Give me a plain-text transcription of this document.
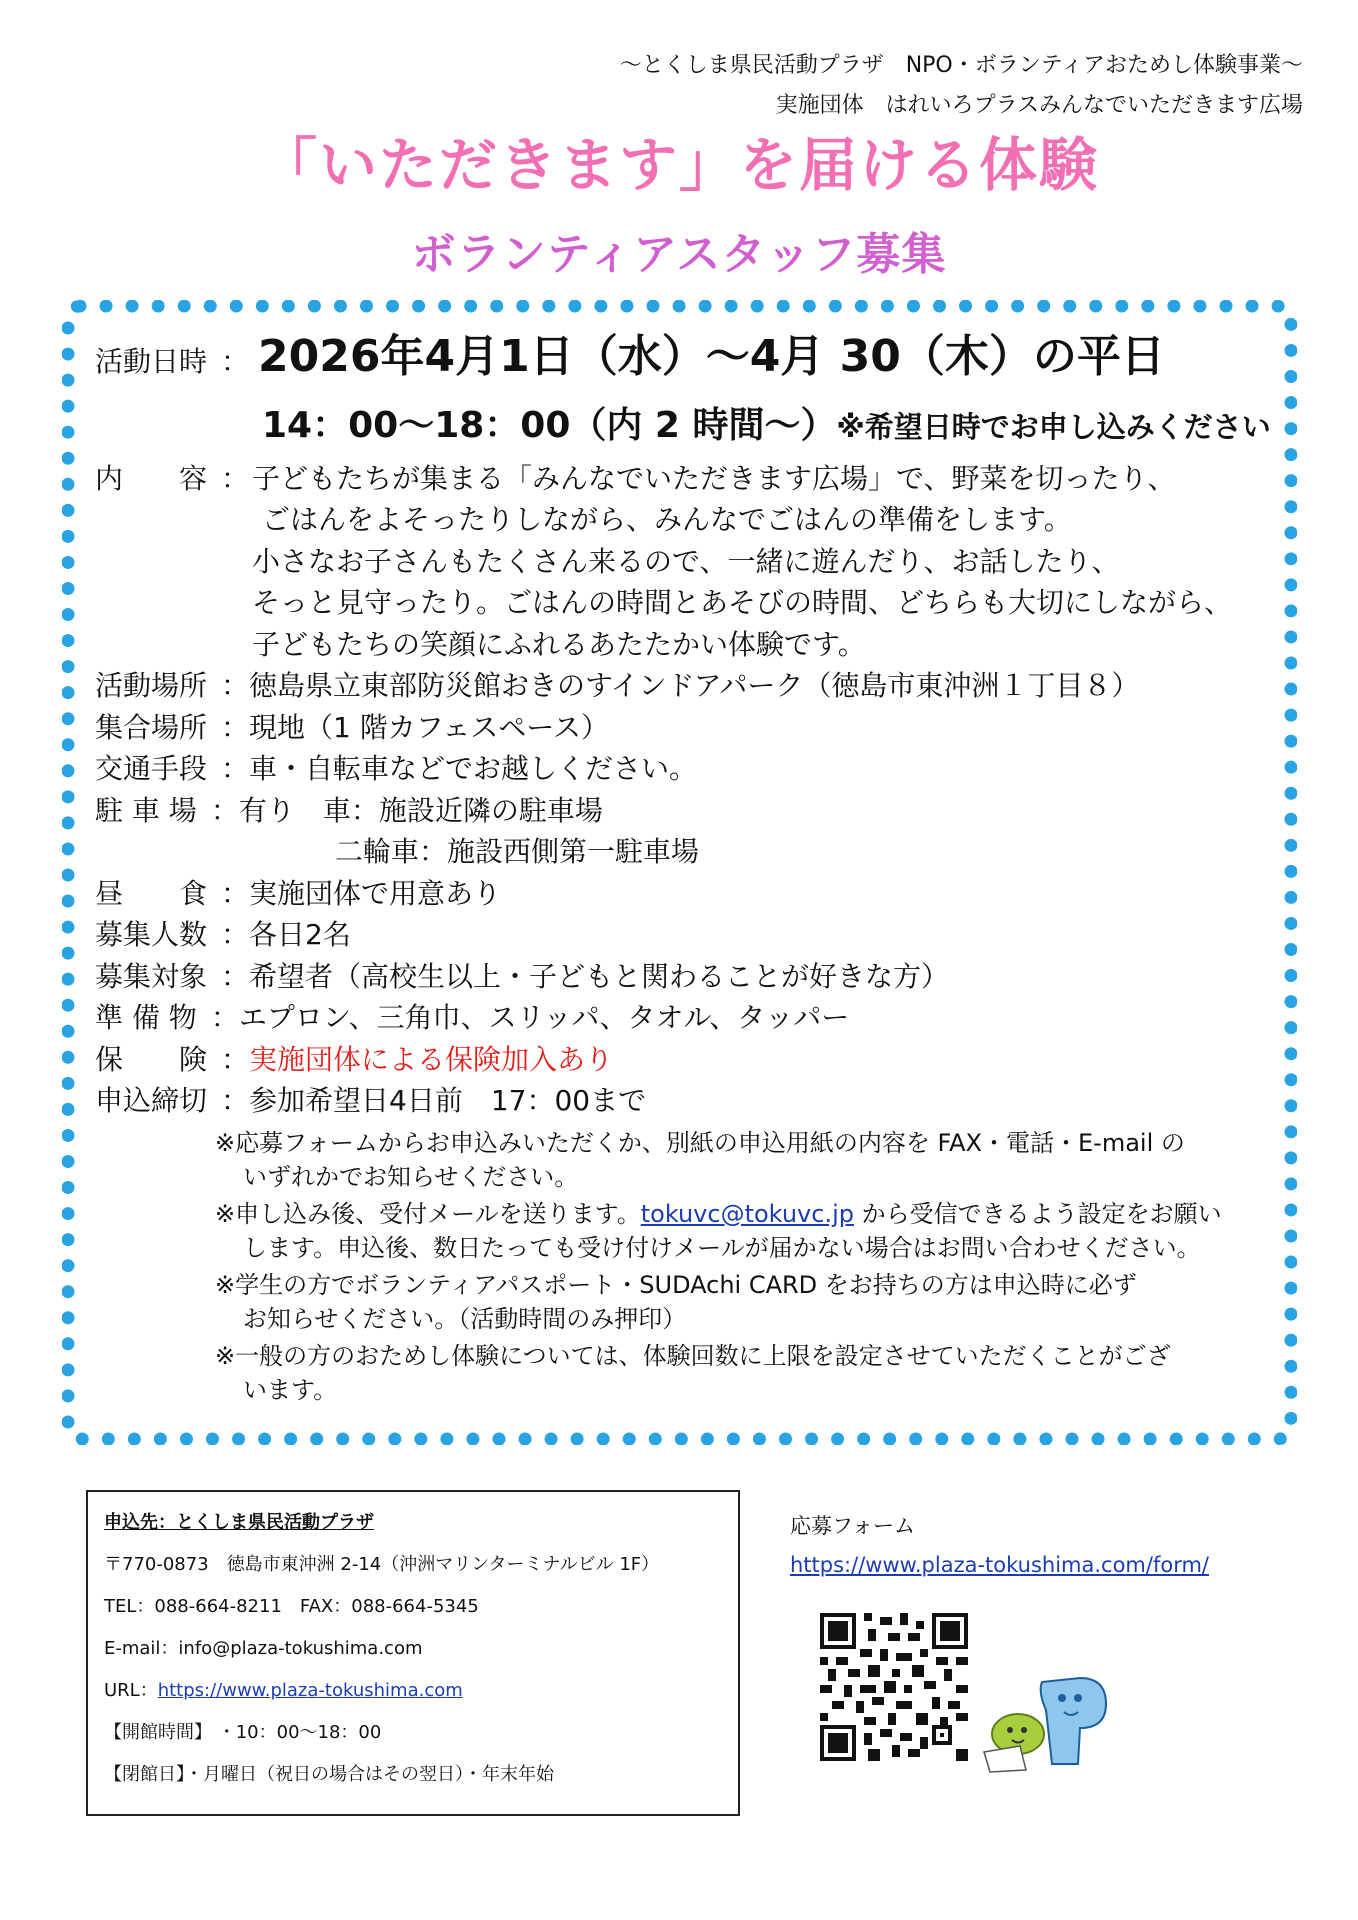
～とくしま県民活動プラザ　NPO・ボランティアおためし体験事業～
実施団体　はれいろプラスみんなでいただきます広場
「いただきます」を届ける体験
ボランティアスタッフ募集
活動日時 ： 2026年4月1日（水）～4月 30（木）の平日
14：00～18：00（内 2 時間～）※希望日時でお申し込みください
内　　容 ： 子どもたちが集まる「みんなでいただきます広場」で、野菜を切ったり、
ごはんをよそったりしながら、みんなでごはんの準備をします。
小さなお子さんもたくさん来るので、一緒に遊んだり、お話したり、
そっと見守ったり。ごはんの時間とあそびの時間、どちらも大切にしながら、
子どもたちの笑顔にふれるあたたかい体験です。
活動場所 ：徳島県立東部防災館おきのすインドアパーク（徳島市東沖洲１丁目８）
集合場所 ：現地（1 階カフェスペース）
交通手段 ：車・自転車などでお越しください。
駐 車 場 ：有り　車：施設近隣の駐車場
二輪車：施設西側第一駐車場
昼　　食 ：実施団体で用意あり
募集人数 ：各日2名
募集対象 ：希望者（高校生以上・子どもと関わることが好きな方）
準 備 物 ：エプロン、三角巾、スリッパ、タオル、タッパー
保　　険 ：実施団体による保険加入あり
申込締切 ：参加希望日4日前　17：00まで
※応募フォームからお申込みいただくか、別紙の申込用紙の内容を FAX・電話・E-mail の
いずれかでお知らせください。
※申し込み後、受付メールを送ります。tokuvc@tokuvc.jp から受信できるよう設定をお願い
します。申込後、数日たっても受け付けメールが届かない場合はお問い合わせください。
※学生の方でボランティアパスポート・SUDAchi CARD をお持ちの方は申込時に必ず
お知らせください。（活動時間のみ押印）
※一般の方のおためし体験については、体験回数に上限を設定させていただくことがござ
います。
申込先：とくしま県民活動プラザ
〒770-0873　徳島市東沖洲 2-14（沖洲マリンターミナルビル 1F）
TEL：088-664-8211　FAX：088-664-5345
E-mail：info@plaza-tokushima.com
URL：https://www.plaza-tokushima.com
【開館時間】 ・10：00～18：00
【閉館日】・月曜日（祝日の場合はその翌日）・年末年始
応募フォーム
https://www.plaza-tokushima.com/form/
